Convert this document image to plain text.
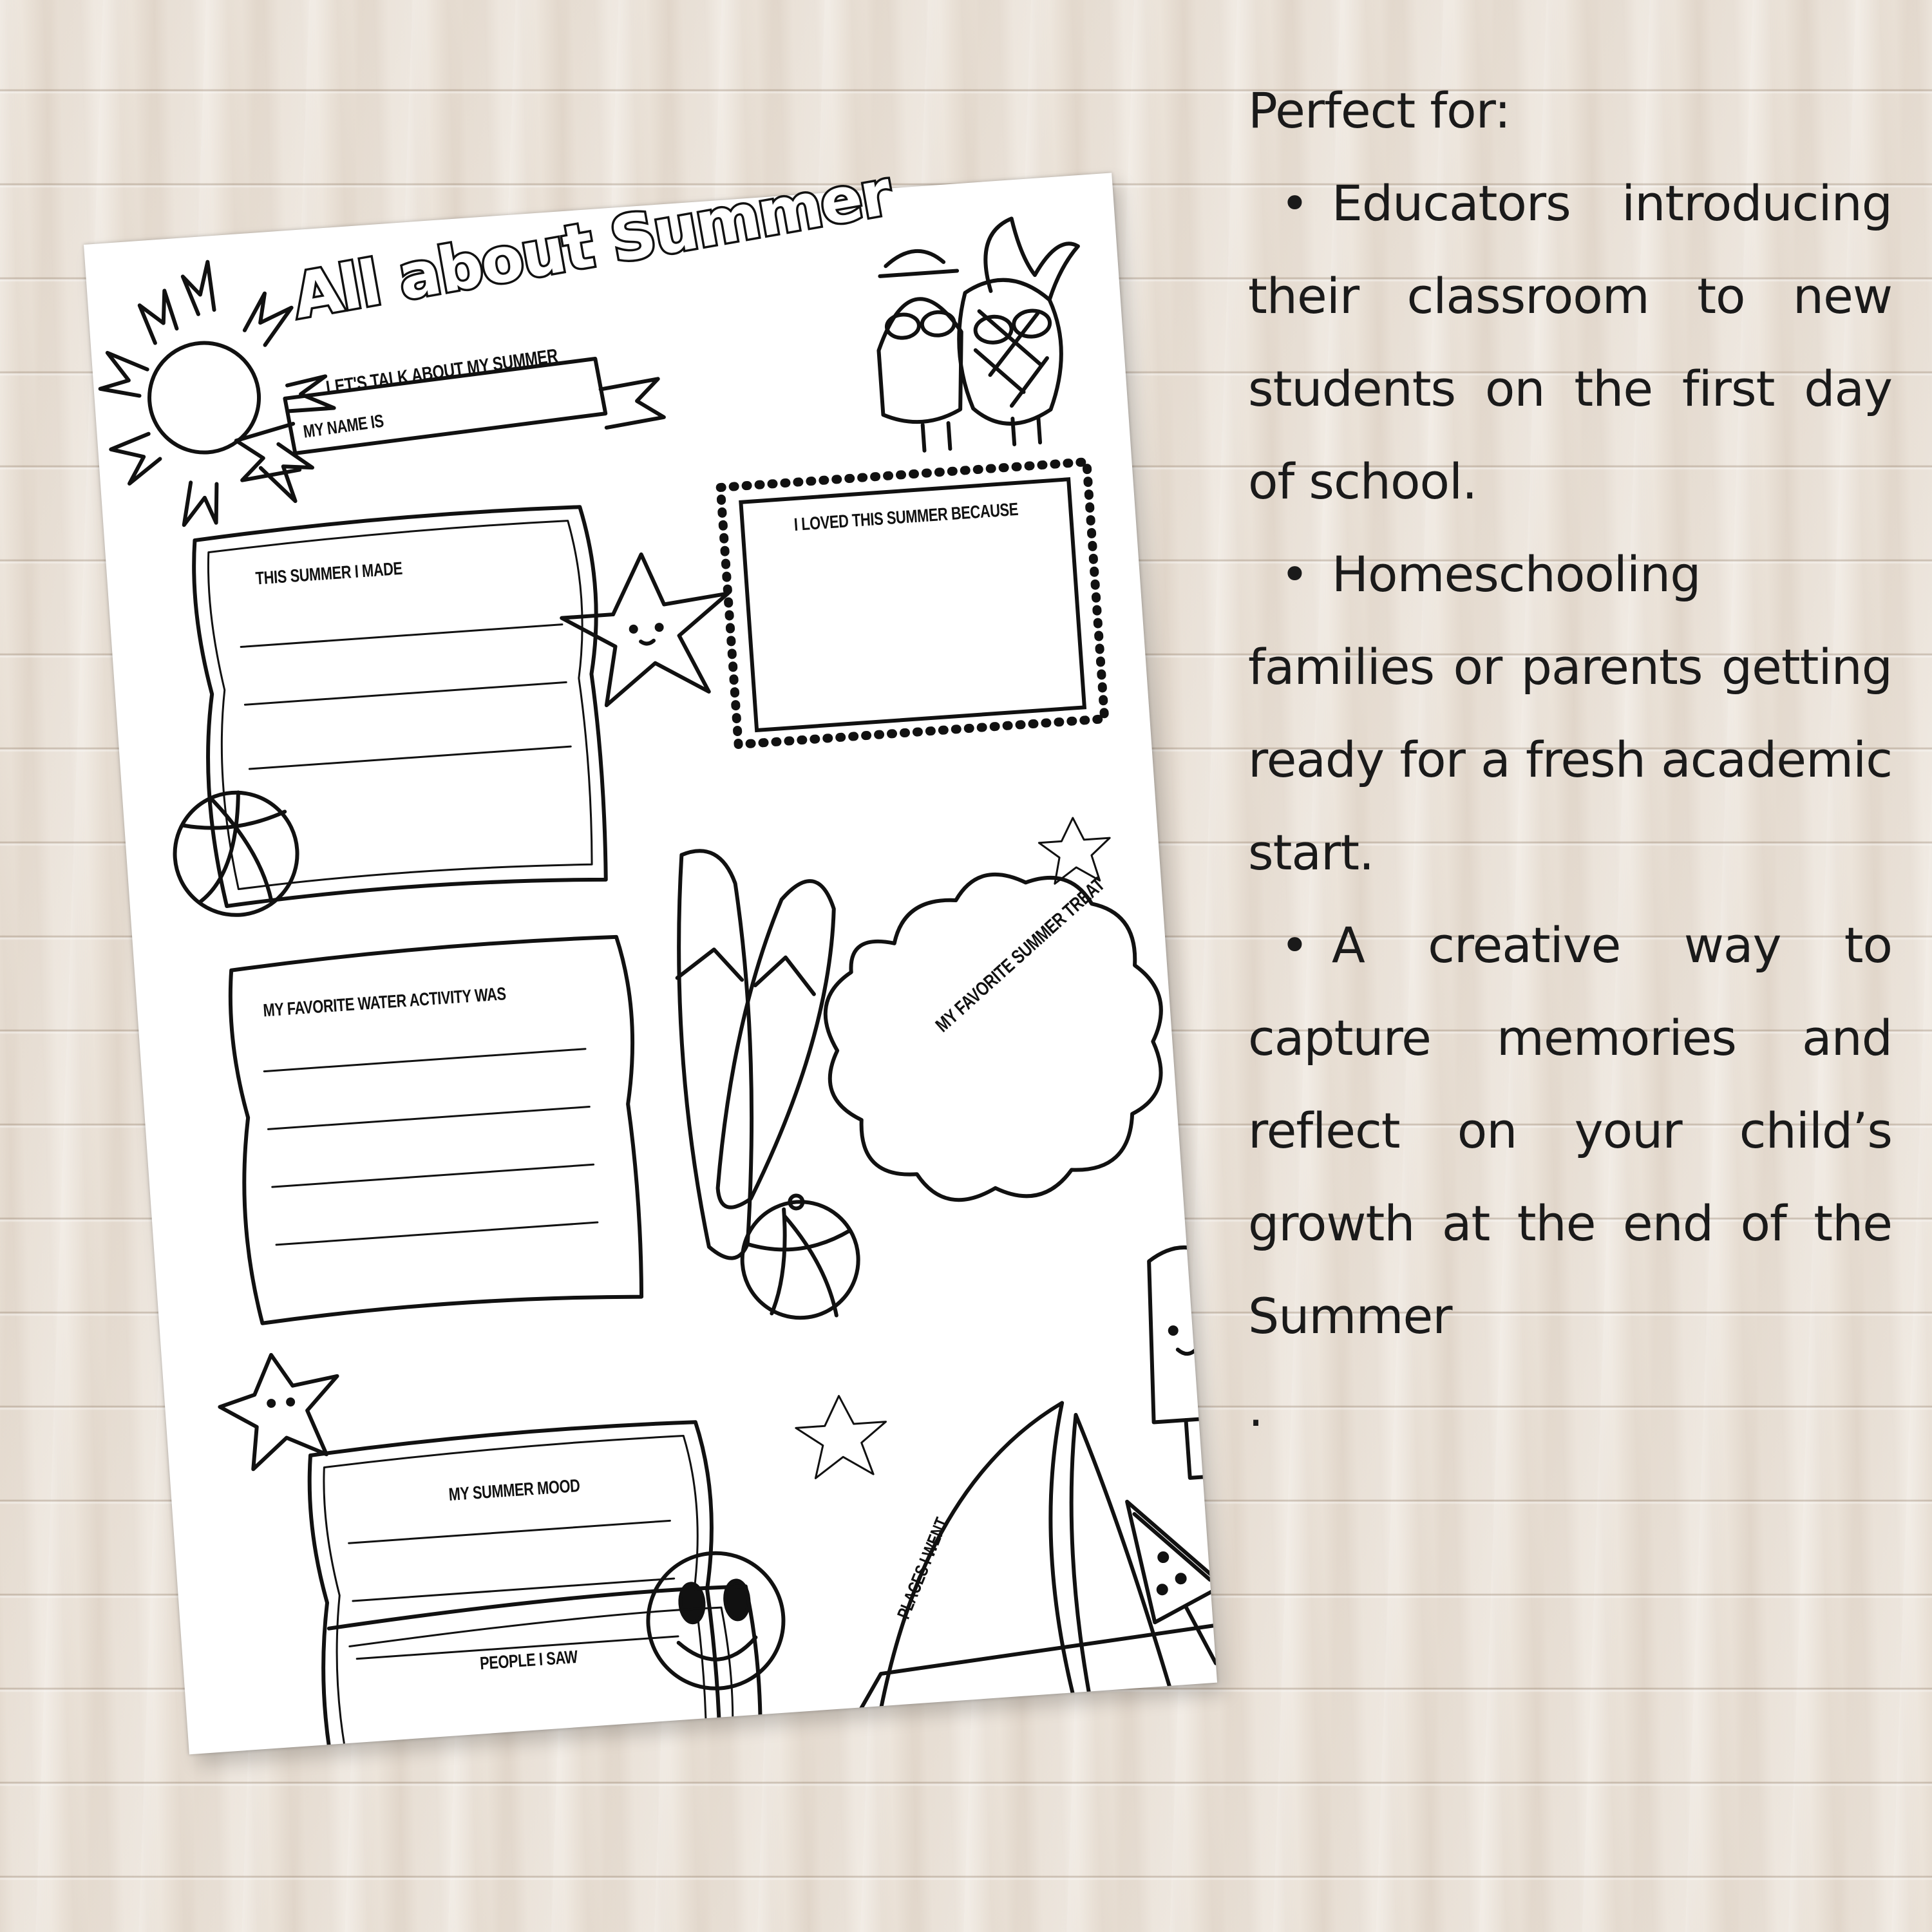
All about Summer
LET'S TALK ABOUT MY SUMMER
MY NAME IS
THIS SUMMER I MADE
I LOVED THIS SUMMER BECAUSE
MY FAVORITE WATER ACTIVITY WAS	MY FAVORITE SUMMER TREAT
MY SUMMER MOOD
PEOPLE I SAW
PLACES I WENT
Perfect for:
• Educators introducing their classroom to new students on the first day of school.
• Homeschooling families or parents getting ready for a fresh academic start.
• A creative way to capture memories and reflect on your child’s growth at the end of the Summer
.
